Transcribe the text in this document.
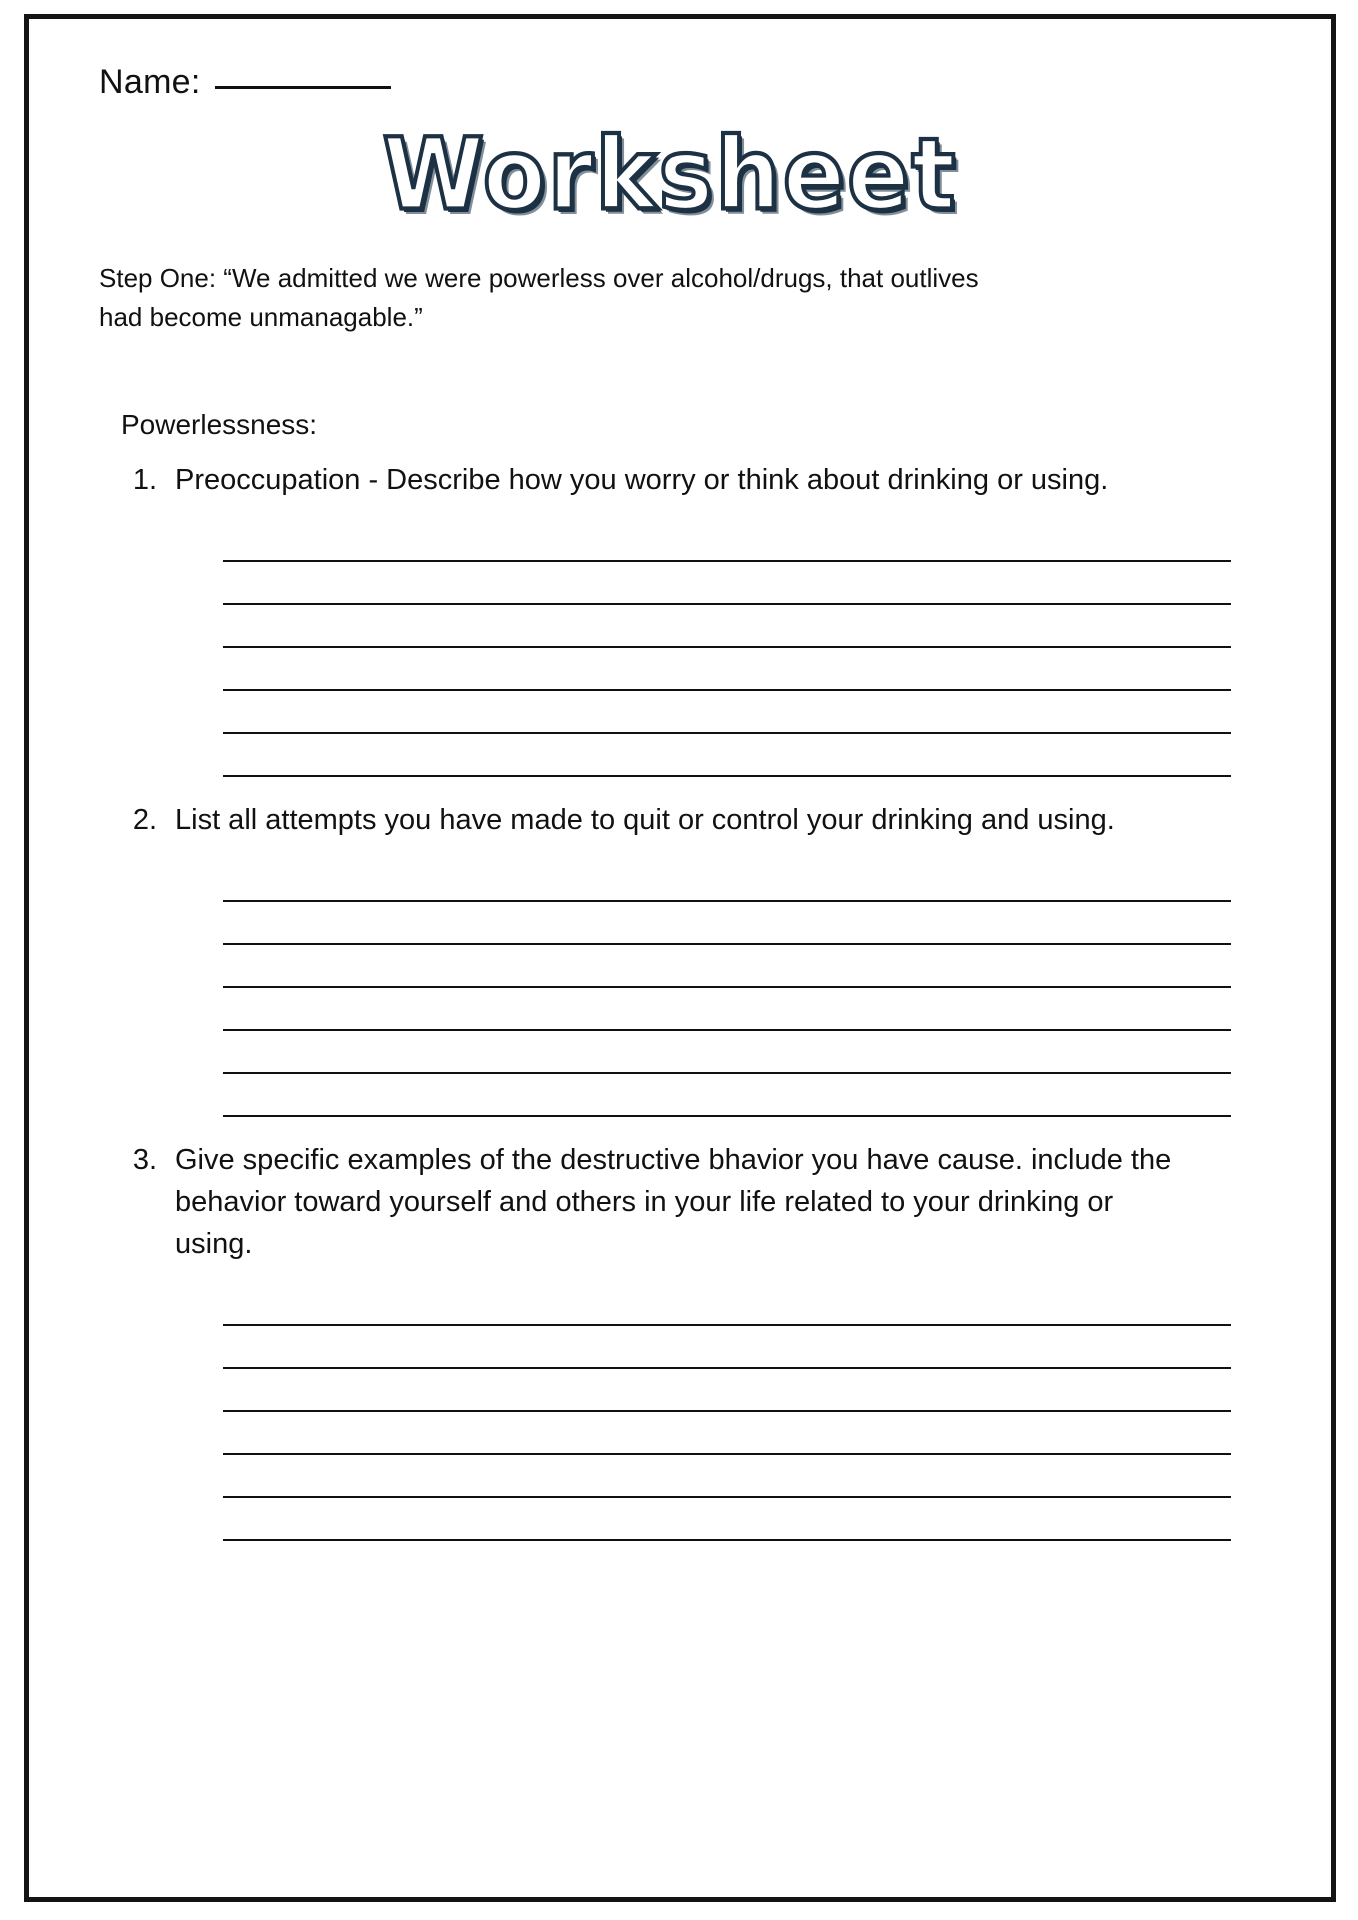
Name:
Worksheet
Step One: “We admitted we were powerless over alcohol/drugs, that outlives had become unmanagable.”
Powerlessness:
1. Preoccupation - Describe how you worry or think about drinking or using.
2. List all attempts you have made to quit or control your drinking and using.
3. Give specific examples of the destructive bhavior you have cause. include the behavior toward yourself and others in your life related to your drinking or using.
